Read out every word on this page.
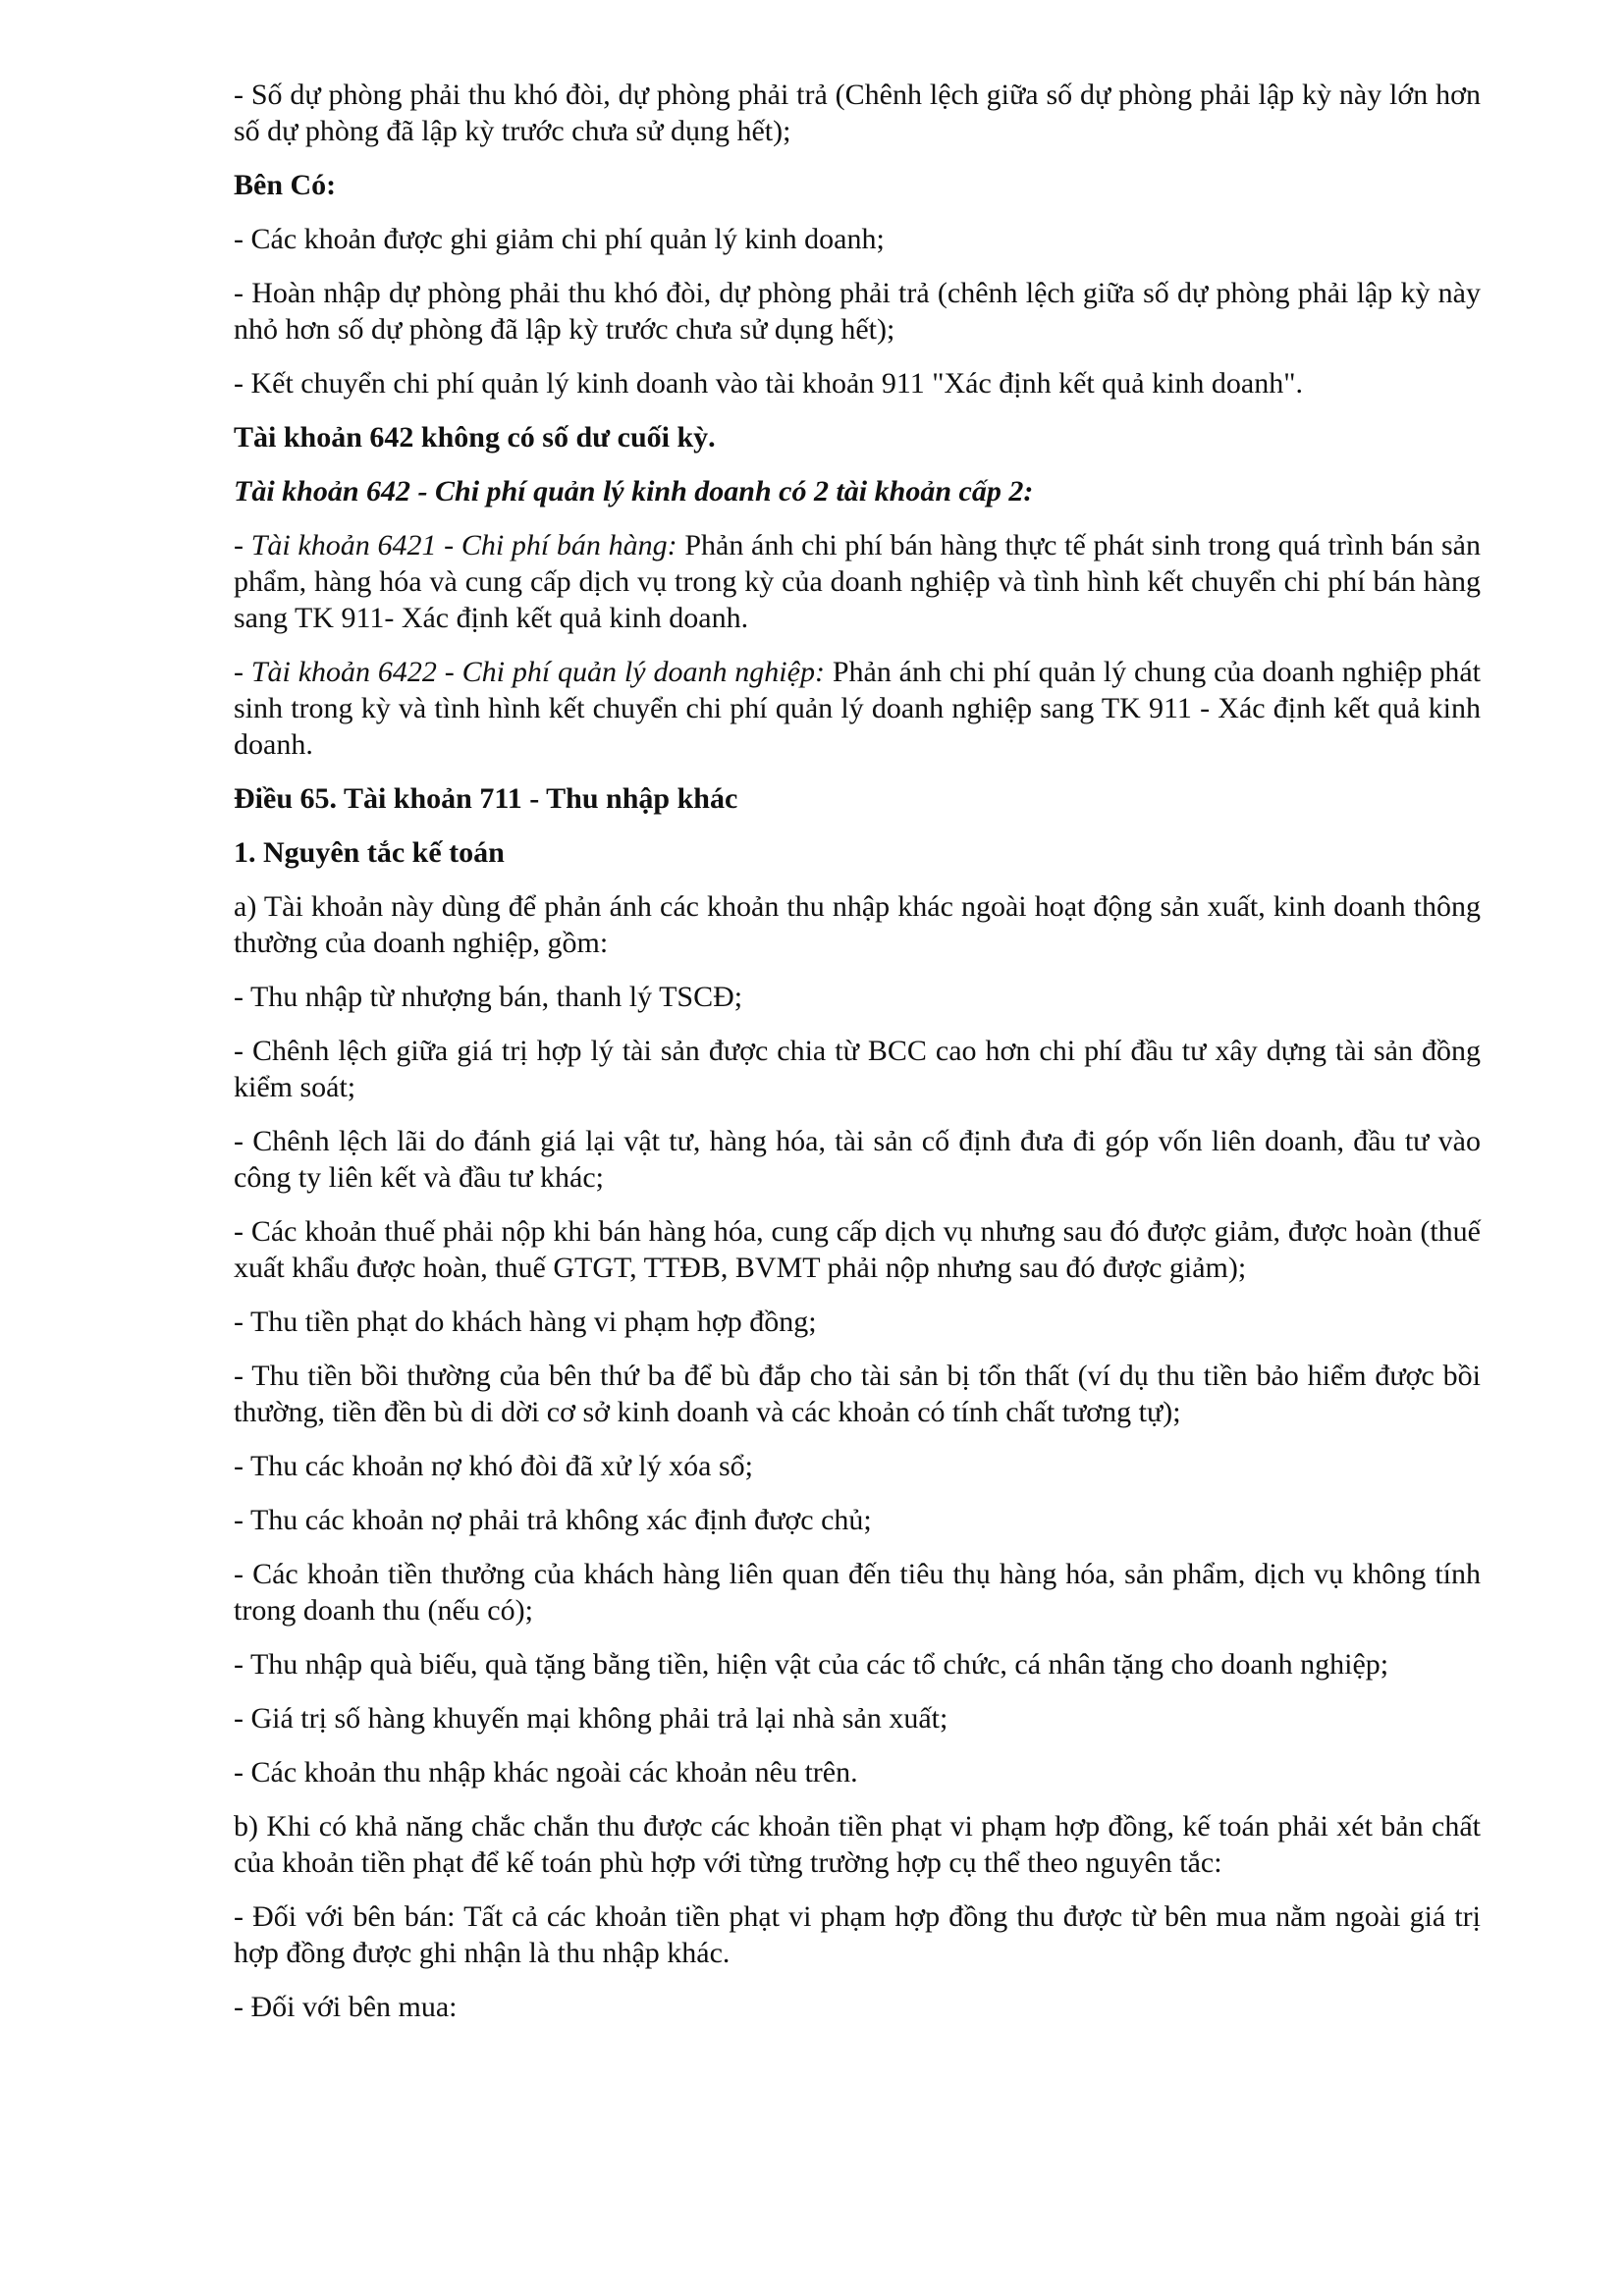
- Số dự phòng phải thu khó đòi, dự phòng phải trả (Chênh lệch giữa số dự phòng phải lập kỳ này lớn hơn số dự phòng đã lập kỳ trước chưa sử dụng hết);

Bên Có:

- Các khoản được ghi giảm chi phí quản lý kinh doanh;

- Hoàn nhập dự phòng phải thu khó đòi, dự phòng phải trả (chênh lệch giữa số dự phòng phải lập kỳ này nhỏ hơn số dự phòng đã lập kỳ trước chưa sử dụng hết);

- Kết chuyển chi phí quản lý kinh doanh vào tài khoản 911 "Xác định kết quả kinh doanh".

Tài khoản 642 không có số dư cuối kỳ.

Tài khoản 642 - Chi phí quản lý kinh doanh có 2 tài khoản cấp 2:

- Tài khoản 6421 - Chi phí bán hàng: Phản ánh chi phí bán hàng thực tế phát sinh trong quá trình bán sản phẩm, hàng hóa và cung cấp dịch vụ trong kỳ của doanh nghiệp và tình hình kết chuyển chi phí bán hàng sang TK 911- Xác định kết quả kinh doanh.

- Tài khoản 6422 - Chi phí quản lý doanh nghiệp: Phản ánh chi phí quản lý chung của doanh nghiệp phát sinh trong kỳ và tình hình kết chuyển chi phí quản lý doanh nghiệp sang TK 911 - Xác định kết quả kinh doanh.

Điều 65. Tài khoản 711 - Thu nhập khác

1. Nguyên tắc kế toán

a) Tài khoản này dùng để phản ánh các khoản thu nhập khác ngoài hoạt động sản xuất, kinh doanh thông thường của doanh nghiệp, gồm:

- Thu nhập từ nhượng bán, thanh lý TSCĐ;

- Chênh lệch giữa giá trị hợp lý tài sản được chia từ BCC cao hơn chi phí đầu tư xây dựng tài sản đồng kiểm soát;

- Chênh lệch lãi do đánh giá lại vật tư, hàng hóa, tài sản cố định đưa đi góp vốn liên doanh, đầu tư vào công ty liên kết và đầu tư khác;

- Các khoản thuế phải nộp khi bán hàng hóa, cung cấp dịch vụ nhưng sau đó được giảm, được hoàn (thuế xuất khẩu được hoàn, thuế GTGT, TTĐB, BVMT phải nộp nhưng sau đó được giảm);

- Thu tiền phạt do khách hàng vi phạm hợp đồng;

- Thu tiền bồi thường của bên thứ ba để bù đắp cho tài sản bị tổn thất (ví dụ thu tiền bảo hiểm được bồi thường, tiền đền bù di dời cơ sở kinh doanh và các khoản có tính chất tương tự);

- Thu các khoản nợ khó đòi đã xử lý xóa sổ;

- Thu các khoản nợ phải trả không xác định được chủ;

- Các khoản tiền thưởng của khách hàng liên quan đến tiêu thụ hàng hóa, sản phẩm, dịch vụ không tính trong doanh thu (nếu có);

- Thu nhập quà biếu, quà tặng bằng tiền, hiện vật của các tổ chức, cá nhân tặng cho doanh nghiệp;

- Giá trị số hàng khuyến mại không phải trả lại nhà sản xuất;

- Các khoản thu nhập khác ngoài các khoản nêu trên.

b) Khi có khả năng chắc chắn thu được các khoản tiền phạt vi phạm hợp đồng, kế toán phải xét bản chất của khoản tiền phạt để kế toán phù hợp với từng trường hợp cụ thể theo nguyên tắc:

- Đối với bên bán: Tất cả các khoản tiền phạt vi phạm hợp đồng thu được từ bên mua nằm ngoài giá trị hợp đồng được ghi nhận là thu nhập khác.

- Đối với bên mua:
